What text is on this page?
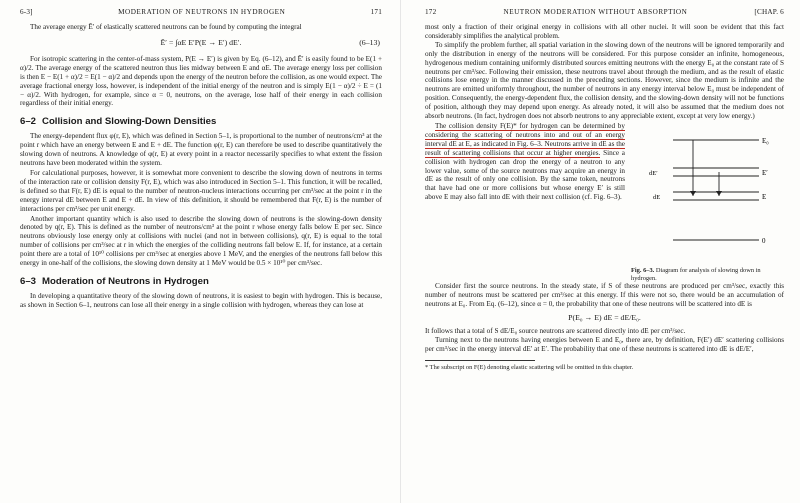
6-3]	MODERATION OF NEUTRONS IN HYDROGEN	171

The average energy Ē′ of elastically scattered neutrons can be found by computing the integral

Ē′ = ∫αE E′P(E → E′) dE′.	(6–13)

For isotropic scattering in the center-of-mass system, P(E → E′) is given by Eq. (6–12), and Ē′ is easily found to be E(1 + α)/2. The average energy of the scattered neutron thus lies midway between E and αE. The average energy loss per collision is then E − E(1 + α)/2 = E(1 − α)/2 and depends upon the energy of the neutron before the collision, as one would expect. The average fractional energy loss, however, is independent of the initial energy of the neutron and is simply E(1 − α)/2 ÷ E = (1 − α)/2. With hydrogen, for example, since α = 0, neutrons, on the average, lose half of their energy in each collision regardless of their initial energy.

6–2 Collision and Slowing-Down Densities

The energy-dependent flux φ(r, E), which was defined in Section 5–1, is proportional to the number of neutrons/cm³ at the point r which have an energy between E and E + dE. The function φ(r, E) can therefore be used to describe quantitatively the slowing down of neutrons. A knowledge of φ(r, E) at every point in a reactor necessarily specifies to what extent the fission neutrons have been moderated within the system.

For calculational purposes, however, it is somewhat more convenient to describe the slowing down of neutrons in terms of the interaction rate or collision density F(r, E), which was also introduced in Section 5–1. This function, it will be recalled, is defined so that F(r, E) dE is equal to the number of neutron-nucleus interactions occurring per cm³/sec at the point r in the energy interval dE between E and E + dE. In view of this definition, it should be remembered that F(r, E) is the number of interactions per cm³/sec per unit energy.

Another important quantity which is also used to describe the slowing down of neutrons is the slowing-down density denoted by q(r, E). This is defined as the number of neutrons/cm³ at the point r whose energy falls below E per sec. Since neutrons obviously lose energy only at collisions with nuclei (and not in between collisions), q(r, E) is equal to the total number of collisions per cm³/sec at r in which the energies of the colliding neutrons fall below E. If, for instance, at a certain point there are a total of 10¹⁰ collisions per cm³/sec at energies above 1 MeV, and the energies of the neutrons fall below this energy in one-half of the collisions, the slowing down density at 1 MeV would be 0.5 × 10¹⁰ per cm³/sec.

6–3 Moderation of Neutrons in Hydrogen

In developing a quantitative theory of the slowing down of neutrons, it is easiest to begin with hydrogen. This is because, as shown in Section 6–1, neutrons can lose all their energy in a single collision with hydrogen, whereas they can lose at

172	NEUTRON MODERATION WITHOUT ABSORPTION	[CHAP. 6

most only a fraction of their original energy in collisions with all other nuclei. It will soon be evident that this fact considerably simplifies the analytical problem.

To simplify the problem further, all spatial variation in the slowing down of the neutrons will be ignored temporarily and only the distribution in energy of the neutrons will be considered. For this purpose consider an infinite, homogeneous, hydrogenous medium containing uniformly distributed sources emitting neutrons with the energy E₀ at the constant rate of S neutrons per cm³/sec. Following their emission, these neutrons travel about through the medium, and as the result of elastic collisions lose energy in the manner discussed in the preceding sections. However, since the medium is infinite and the neutrons are emitted uniformly throughout, the number of neutrons in any energy interval below E₀ must be independent of position. Consequently, the energy-dependent flux, the collision density, and the slowing-down density will not be functions of position, although they may depend upon energy. As already noted, it will also be assumed that the medium does not absorb neutrons. (In fact, hydrogen does not absorb neutrons to any appreciable extent, except at very low energy.)

The collision density F(E)* for hydrogen can be determined by considering the scattering of neutrons into and out of an energy interval dE at E, as indicated in Fig. 6–3. Neutrons arrive in dE as the result of scattering collisions that occur at higher energies. Since a collision with hydrogen can drop the energy of a neutron to any lower value, some of the source neutrons may acquire an energy in dE as the result of only one collision. By the same token, neutrons that have had one or more collisions but whose energy E′ is still above E may also fall into dE with their next collision (cf. Fig. 6–3).

E₀
E′
E
0
dE′
dE

Fig. 6–3. Diagram for analysis of slowing down in hydrogen.

Consider first the source neutrons. In the steady state, if S of these neutrons are produced per cm³/sec, exactly this number of neutrons must be scattered per cm³/sec at this energy. If this were not so, there would be an accumulation of neutrons at E₀. From Eq. (6–12), since α = 0, the probability that one of these neutrons will be scattered into dE is

P(E₀ → E) dE = dE/E₀.

It follows that a total of S dE/E₀ source neutrons are scattered directly into dE per cm³/sec.

Turning next to the neutrons having energies between E and E₀, there are, by definition, F(E′) dE′ scattering collisions per cm³/sec in the energy interval dE′ at E′. The probability that one of these neutrons is scattered into dE is dE/E′,

* The subscript on F(E) denoting elastic scattering will be omitted in this chapter.
